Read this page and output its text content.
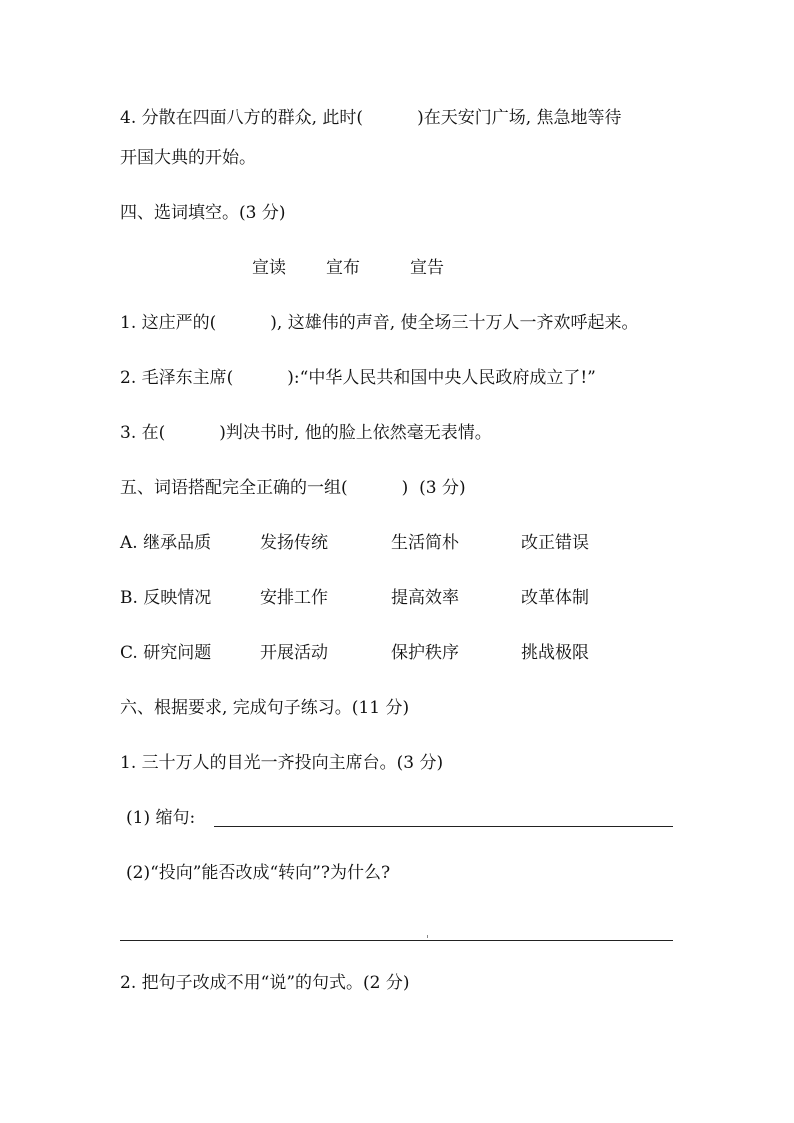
4. 分散在四面八方的群众, 此时(          )在天安门广场, 焦急地等待
开国大典的开始。
四、选词填空。(3 分)
宣读 宣布	宣告
1. 这庄严的(          ), 这雄伟的声音, 使全场三十万人一齐欢呼起来。
2. 毛泽东主席(          ):“中华人民共和国中央人民政府成立了!”
3. 在(          )判决书时, 他的脸上依然毫无表情。
五、词语搭配完全正确的一组(          )  (3 分)
A. 继承品质	发扬传统	生活简朴	改正错误
B. 反映情况	安排工作	提高效率	改革体制
C. 研究问题	开展活动	保护秩序	挑战极限
六、根据要求, 完成句子练习。(11 分)
1. 三十万人的目光一齐投向主席台。(3 分)
(1) 缩句:
(2)“投向”能否改成“转向”?为什么?
2. 把句子改成不用“说”的句式。(2 分)
